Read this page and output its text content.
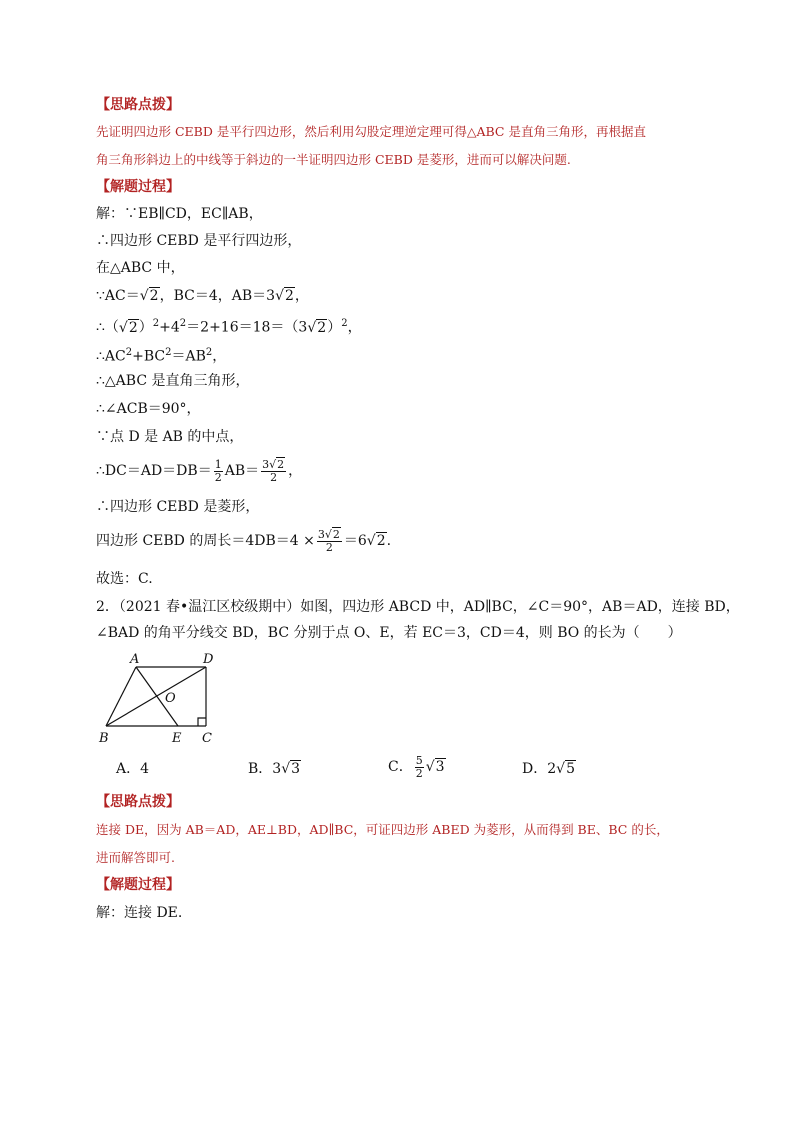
【思路点拨】
先证明四边形 CEBD 是平行四边形，然后利用勾股定理逆定理可得△ABC 是直角三角形，再根据直
角三角形斜边上的中线等于斜边的一半证明四边形 CEBD 是菱形，进而可以解决问题.
【解题过程】
解：∵EB∥CD，EC∥AB，
∴四边形 CEBD 是平行四边形，
在△ABC 中，
∵AC＝√2，BC＝4，AB＝3√2，
$\therefore(√2)^2+4^2=2+16=18=(3√2)^2$，
$\therefore AC^2+BC^2=AB^2$，
∴△ABC 是直角三角形，
∴∠ACB＝90°，
∵点 D 是 AB 的中点，
∴DC＝AD＝DB＝ $\frac{1}{2} AB= \frac{3√2}{2}$ ，
∴四边形 CEBD 是菱形，
四边形 CEBD 的周长$=4DB=4 \times \frac{3√2}{2} =6√2$.
故选：C.
2．（2021 春•温江区校级期中）如图，四边形 ABCD 中，AD∥BC，∠C＝90°，AB＝AD，连接 BD，
∠BAD 的角平分线交 BD，BC 分别于点 O、E，若 EC＝3，CD＝4，则 BO 的长为（　　）
A	D
O
B	E C
A．4	B．3√3	C． $\frac{5}{2} √3$	D．2√5
【思路点拨】
连接 DE，因为 AB＝AD，AE⊥BD，AD∥BC，可证四边形 ABED 为菱形，从而得到 BE、BC 的长，
进而解答即可.
【解题过程】
解：连接 DE.
